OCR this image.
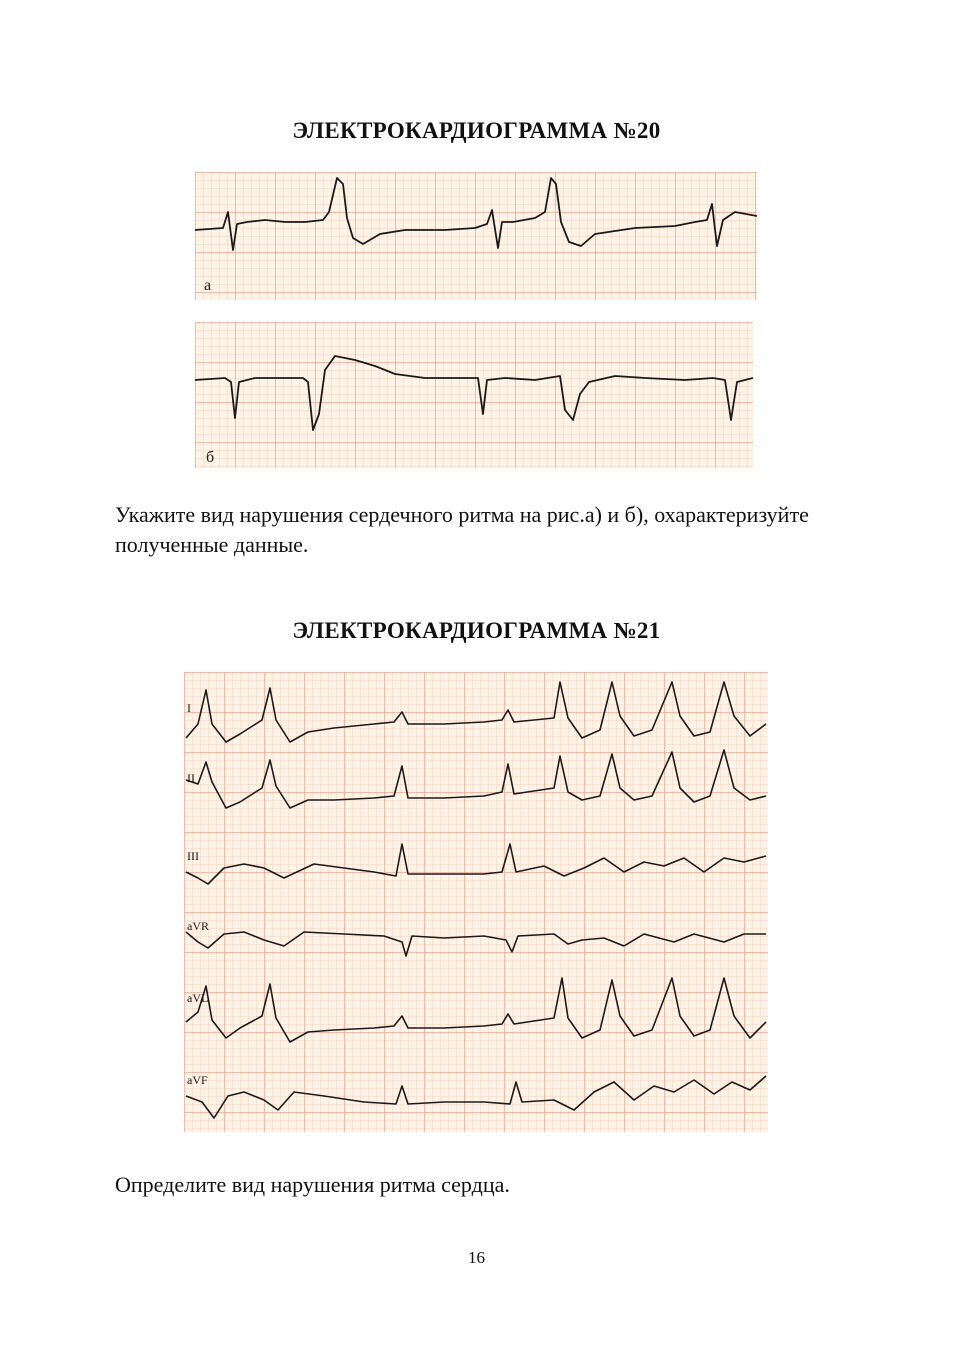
ЭЛЕКТРОКАРДИОГРАММА №20
а
б
Укажите вид нарушения сердечного ритма на рис.а) и б), охарактеризуйте полученные данные.
ЭЛЕКТРОКАРДИОГРАММА №21
I
II
III
aVR
aVL
aVF
Определите вид нарушения ритма сердца.
16
